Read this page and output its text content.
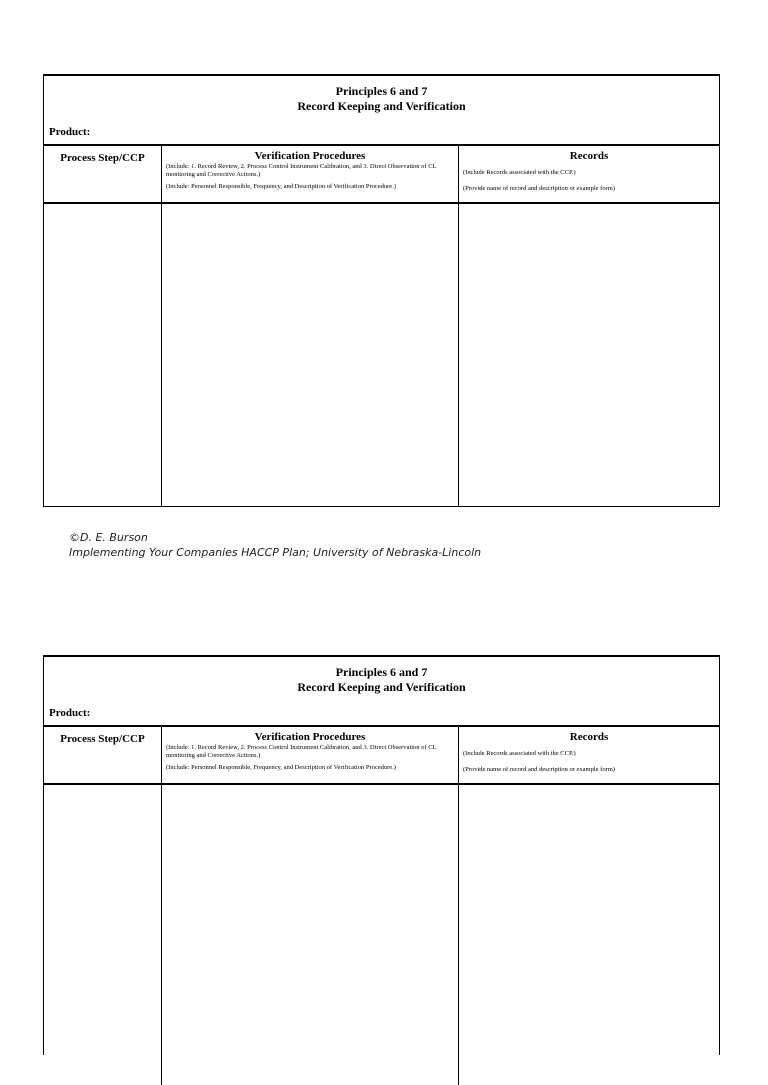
Principles 6 and 7
Record Keeping and Verification
Product:
Process Step/CCP	Verification Procedures
(Include: 1. Record Review, 2. Process Control Instrument Calibration, and 3. Direct Observation of CL monitoring and Corrective Actions.)
(Include: Personnel Responsible, Frequency, and Description of Verification Procedure.)
Records
(Include Records associated with the CCP.)
(Provide name of record and description or example form)
©D. E. Burson
Implementing Your Companies HACCP Plan; University of Nebraska-Lincoln
Principles 6 and 7
Record Keeping and Verification
Product:
Process Step/CCP	Verification Procedures
(Include: 1. Record Review, 2. Process Control Instrument Calibration, and 3. Direct Observation of CL monitoring and Corrective Actions.)
(Include: Personnel Responsible, Frequency, and Description of Verification Procedure.)
Records
(Include Records associated with the CCP.)
(Provide name of record and description or example form)
